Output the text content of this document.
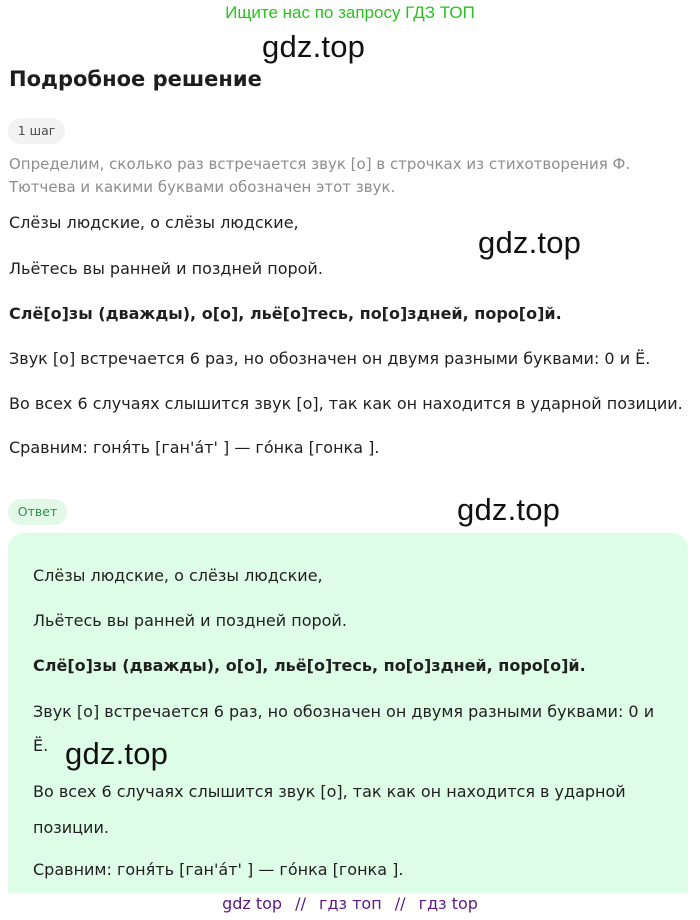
Ищите нас по запросу ГДЗ ТОП
gdz.top
Подробное решение
1 шаг
Определим, сколько раз встречается звук [о] в строчках из стихотворения Ф. Тютчева и какими буквами обозначен этот звук.
Слёзы людские, о слёзы людские,
gdz.top
Льётесь вы ранней и поздней порой.
Слё[о]зы (дважды), о[о], льё[о]тесь, по[о]здней, поро[о]й.
Звук [о] встречается 6 раз, но обозначен он двумя разными буквами: 0 и Ё.
Во всех 6 случаях слышится звук [о], так как он находится в ударной позиции.
Сравним: гоня́ть [ган'а́т' ] — го́нка [гонка ].
Ответ	gdz.top
Слёзы людские, о слёзы людские,
Льётесь вы ранней и поздней порой.
Слё[о]зы (дважды), о[о], льё[о]тесь, по[о]здней, поро[о]й.
Звук [о] встречается 6 раз, но обозначен он двумя разными буквами: 0 и
Ё. gdz.top
Во всех 6 случаях слышится звук [о], так как он находится в ударной
позиции.
Сравним: гоня́ть [ган'а́т' ] — го́нка [гонка ].
gdz top // гдз топ // гдз top
